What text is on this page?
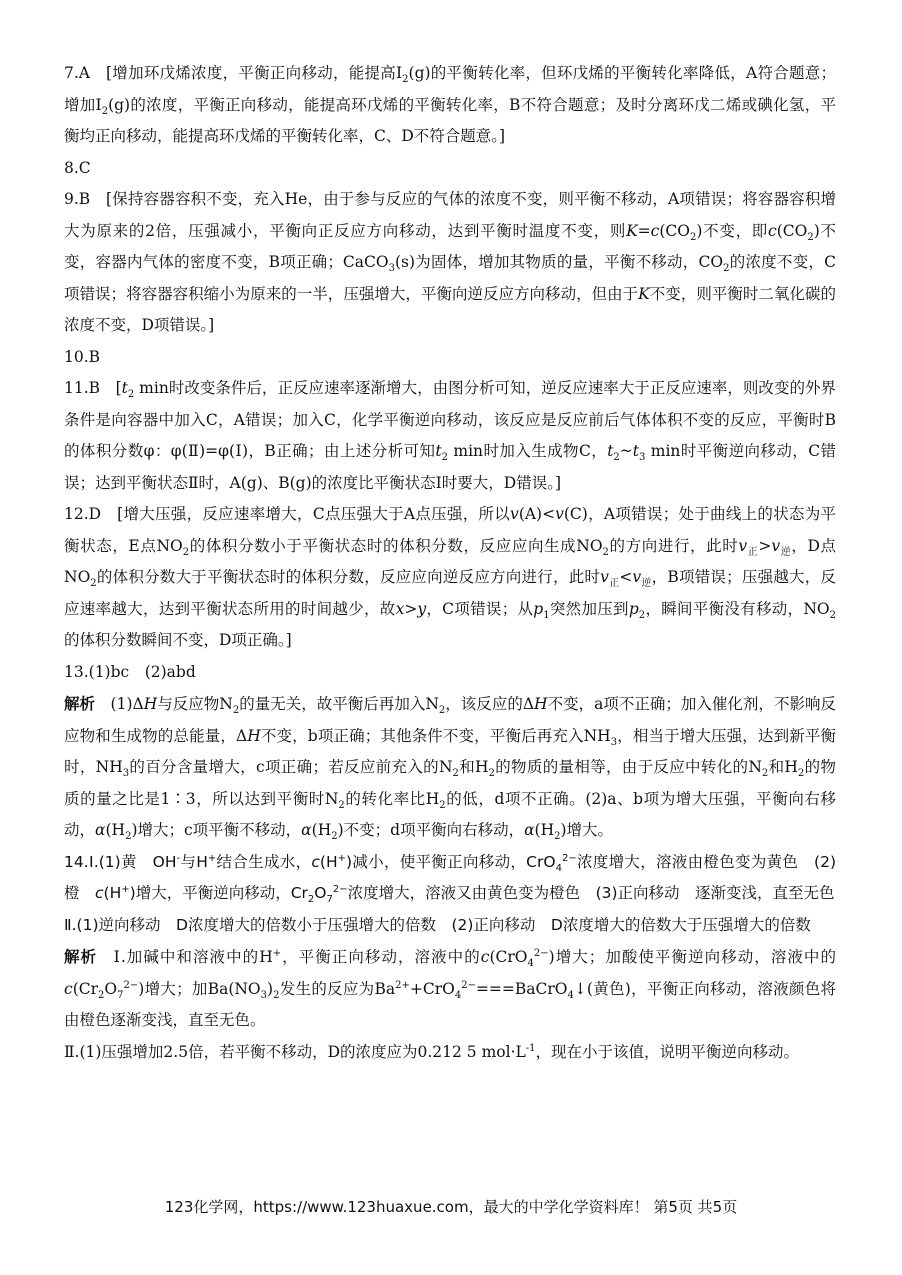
7.A　[增加环戊烯浓度，平衡正向移动，能提高$I_2(g)$的平衡转化率，但环戊烯的平衡转化率降低，A符合题意；增加$I_2(g)$的浓度，平衡正向移动，能提高环戊烯的平衡转化率，B不符合题意；及时分离环戊二烯或碘化氢，平衡均正向移动，能提高环戊烯的平衡转化率，C、D不符合题意。]
8.C
9.B　[保持容器容积不变，充入He，由于参与反应的气体的浓度不变，则平衡不移动，A项错误；将容器容积增大为原来的2倍，压强减小，平衡向正反应方向移动，达到平衡时温度不变，则$K=c(CO_2)$不变，即$c(CO_2)$不变，容器内气体的密度不变，B项正确；CaCO$_3$(s)为固体，增加其物质的量，平衡不移动，$CO_2$的浓度不变，C项错误；将容器容积缩小为原来的一半，压强增大，平衡向逆反应方向移动，但由于K不变，则平衡时二氧化碳的浓度不变，D项错误。]
10.B
11.B　[$t_2$ min时改变条件后，正反应速率逐渐增大，由图分析可知，逆反应速率大于正反应速率，则改变的外界条件是向容器中加入C，A错误；加入C，化学平衡逆向移动，该反应是反应前后气体体积不变的反应，平衡时B的体积分数φ：φ(Ⅱ)=φ(Ⅰ)，B正确；由上述分析可知$t_2$ min时加入生成物C，$t_2\sim t_3$ min时平衡逆向移动，C错误；达到平衡状态Ⅱ时，A(g)、B(g)的浓度比平衡状态Ⅰ时要大，D错误。]
12.D　[增大压强，反应速率增大，C点压强大于A点压强，所以v(A)<v(C)，A项错误；处于曲线上的状态为平衡状态，E点$NO_2$的体积分数小于平衡状态时的体积分数，反应应向生成$NO_2$的方向进行，此时$v_正>v_逆$，D点$NO_2$的体积分数大于平衡状态时的体积分数，反应应向逆反应方向进行，此时$v_正<v_逆$，B项错误；压强越大，反应速率越大，达到平衡状态所用的时间越少，故x>y，C项错误；从$p_1$突然加压到$p_2$，瞬间平衡没有移动，$NO_2$的体积分数瞬间不变，D项正确。]
13.(1)bc　(2)abd
解析　(1)ΔH与反应物$N_2$的量无关，故平衡后再加入$N_2$，该反应的ΔH不变，a项不正确；加入催化剂，不影响反应物和生成物的总能量，ΔH不变，b项正确；其他条件不变，平衡后再充入$NH_3$，相当于增大压强，达到新平衡时，$NH_3$的百分含量增大，c项正确；若反应前充入的$N_2$和$H_2$的物质的量相等，由于反应中转化的$N_2$和$H_2$的物质的量之比是1∶3，所以达到平衡时$N_2$的转化率比$H_2$的低，d项不正确。(2)a、b项为增大压强，平衡向右移动，$\alpha(H_2)$增大；c项平衡不移动，$\alpha(H_2)$不变；d项平衡向右移动，$\alpha(H_2)$增大。
14.Ⅰ.(1)黄　OH-与H+结合生成水，c(H+)减小，使平衡正向移动，CrO$_4^{2-}$浓度增大，溶液由橙色变为黄色　(2)橙　c(H+)增大，平衡逆向移动，$Cr_2O_7^{2-}$浓度增大，溶液又由黄色变为橙色　(3)正向移动　逐渐变浅，直至无色
Ⅱ.(1)逆向移动　D浓度增大的倍数小于压强增大的倍数　(2)正向移动　D浓度增大的倍数大于压强增大的倍数
解析　Ⅰ.加碱中和溶液中的H+，平衡正向移动，溶液中的c(CrO$_4^{2-}$)增大；加酸使平衡逆向移动，溶液中的$c(Cr_2O_7^{2-})$增大；加$Ba(NO_3)_2$发生的反应为$Ba^{2+}+CrO_4^{2-}===BaCrO_4↓$(黄色)，平衡正向移动，溶液颜色将由橙色逐渐变浅，直至无色。
Ⅱ.(1)压强增加2.5倍，若平衡不移动，D的浓度应为0.212 5 $mol\cdot L^{-1}$，现在小于该值，说明平衡逆向移动。
123化学网，https://www.123huaxue.com，最大的中学化学资料库！ 第5页 共5页
